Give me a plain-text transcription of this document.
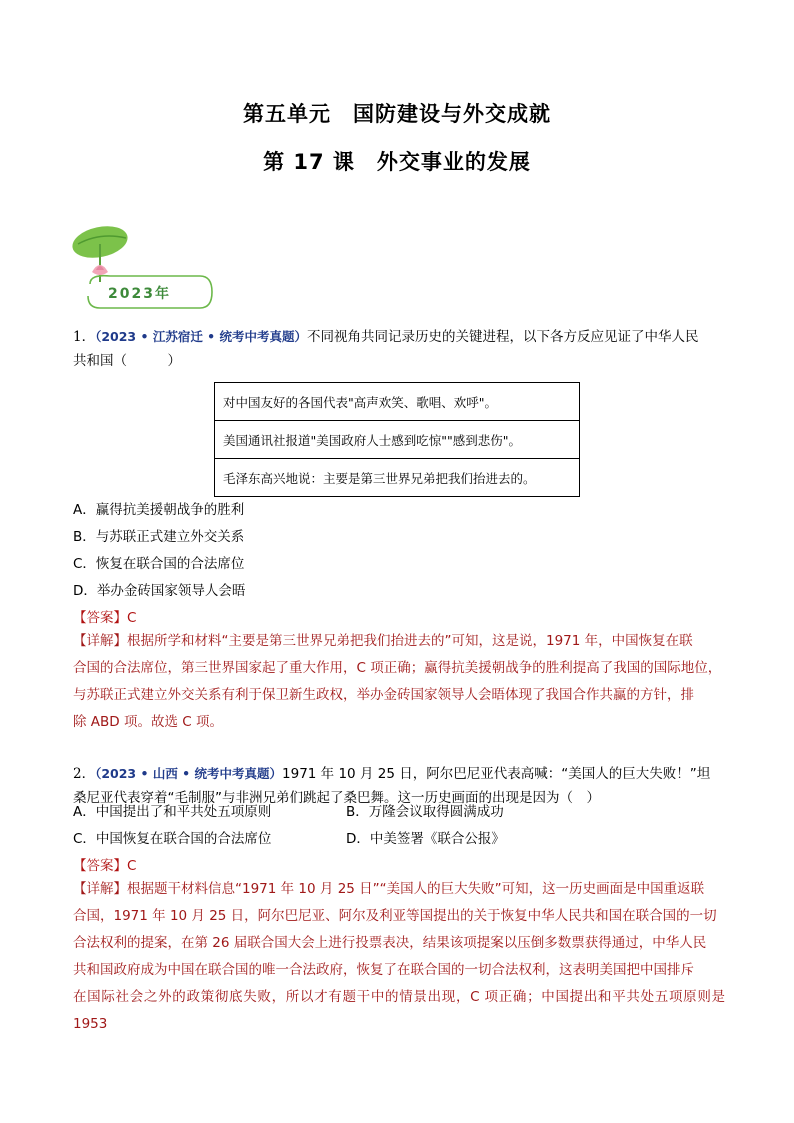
第五单元　国防建设与外交成就
第 17 课　外交事业的发展
2023年
1．（2023 • 江苏宿迁 • 统考中考真题）不同视角共同记录历史的关键进程，以下各方反应见证了中华人民
共和国（　　　）
对中国友好的各国代表"高声欢笑、歌唱、欢呼"。
美国通讯社报道"美国政府人士感到吃惊""感到悲伤"。
毛泽东高兴地说：主要是第三世界兄弟把我们抬进去的。
A．赢得抗美援朝战争的胜利
B．与苏联正式建立外交关系
C．恢复在联合国的合法席位
D．举办金砖国家领导人会晤
【答案】C

【详解】根据所学和材料“主要是第三世界兄弟把我们抬进去的”可知，这是说，1971 年，中国恢复在联

合国的合法席位，第三世界国家起了重大作用，C 项正确；赢得抗美援朝战争的胜利提高了我国的国际地位，

与苏联正式建立外交关系有利于保卫新生政权，举办金砖国家领导人会晤体现了我国合作共赢的方针，排

除 ABD 项。故选 C 项。

2．（2023 • 山西 • 统考中考真题）1971 年 10 月 25 日，阿尔巴尼亚代表高喊：“美国人的巨大失败！”坦
桑尼亚代表穿着“毛制服”与非洲兄弟们跳起了桑巴舞。这一历史画面的出现是因为（　）
A．中国提出了和平共处五项原则	B．万隆会议取得圆满成功
C．中国恢复在联合国的合法席位	D．中美签署《联合公报》
【答案】C

【详解】根据题干材料信息“1971 年 10 月 25 日”“美国人的巨大失败”可知，这一历史画面是中国重返联

合国，1971 年 10 月 25 日，阿尔巴尼亚、阿尔及利亚等国提出的关于恢复中华人民共和国在联合国的一切

合法权利的提案，在第 26 届联合国大会上进行投票表决，结果该项提案以压倒多数票获得通过，中华人民

共和国政府成为中国在联合国的唯一合法政府，恢复了在联合国的一切合法权利，这表明美国把中国排斥

在国际社会之外的政策彻底失败，所以才有题干中的情景出现，C 项正确；中国提出和平共处五项原则是 1953
